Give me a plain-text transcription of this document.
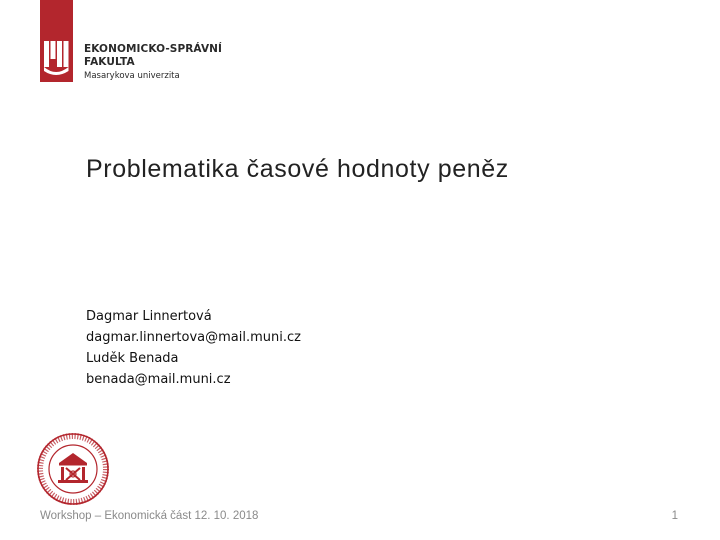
EKONOMICKO-SPRÁVNÍ
FAKULTA
Masarykova univerzita
Problematika časové hodnoty peněz
Dagmar Linnertová
dagmar.linnertova@mail.muni.cz
Luděk Benada
benada@mail.muni.cz
Workshop – Ekonomická část 12. 10. 2018	1
